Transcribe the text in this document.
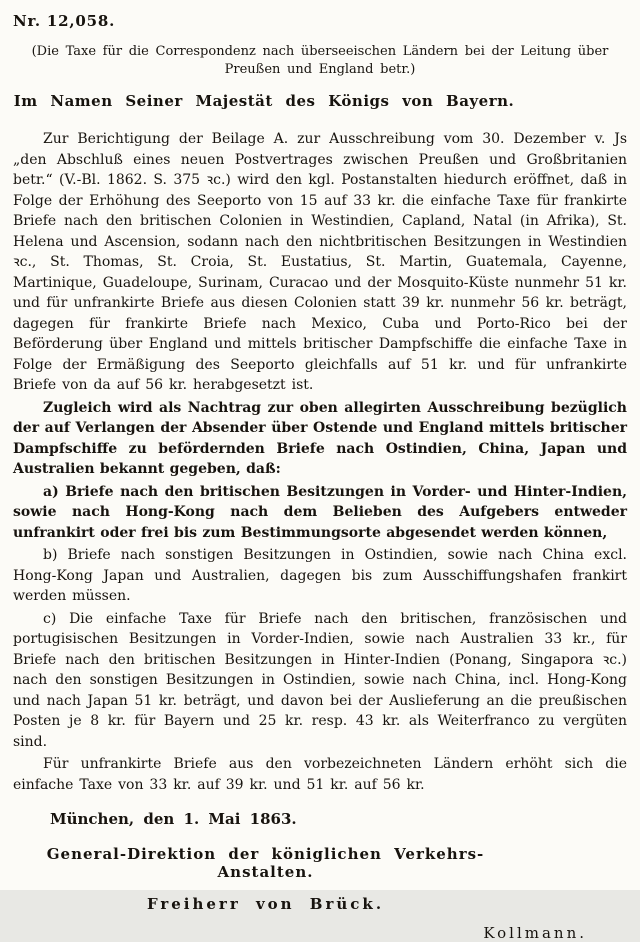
Nr. 12,058.
(Die Taxe für die Correspondenz nach überseeischen Ländern bei der Leitung über Preußen und England betr.)
Im Namen Seiner Majestät des Königs von Bayern.

Zur Berichtigung der Beilage A. zur Ausschreibung vom 30. Dezember v. Js „den Abschluß eines neuen Postvertrages zwischen Preußen und Großbritanien betr.“ (V.-Bl. 1862. S. 375 ꝛc.) wird den kgl. Postanstalten hiedurch eröffnet, daß in Folge der Erhöhung des Seeporto von 15 auf 33 kr. die einfache Taxe für frankirte Briefe nach den britischen Colonien in Westindien, Capland, Natal (in Afrika), St. Helena und Ascension, sodann nach den nichtbritischen Besitzungen in Westindien ꝛc., St. Thomas, St. Croia, St. Eustatius, St. Martin, Guatemala, Cayenne, Martinique, Guadeloupe, Surinam, Curacao und der Mosquito-Küste nunmehr 51 kr. und für unfrankirte Briefe aus diesen Colonien statt 39 kr. nunmehr 56 kr. beträgt, dagegen für frankirte Briefe nach Mexico, Cuba und Porto-Rico bei der Beförderung über England und mittels britischer Dampfschiffe die einfache Taxe in Folge der Ermäßigung des Seeporto gleichfalls auf 51 kr. und für unfrankirte Briefe von da auf 56 kr. herabgesetzt ist.

Zugleich wird als Nachtrag zur oben allegirten Ausschreibung bezüglich der auf Verlangen der Absender über Ostende und England mittels britischer Dampfschiffe zu befördernden Briefe nach Ostindien, China, Japan und Australien bekannt gegeben, daß:

a) Briefe nach den britischen Besitzungen in Vorder- und Hinter-Indien, sowie nach Hong-Kong nach dem Belieben des Aufgebers entweder unfrankirt oder frei bis zum Bestimmungsorte abgesendet werden können,

b) Briefe nach sonstigen Besitzungen in Ostindien, sowie nach China excl. Hong-Kong Japan und Australien, dagegen bis zum Ausschiffungshafen frankirt werden müssen.

c) Die einfache Taxe für Briefe nach den britischen, französischen und portugisischen Besitzungen in Vorder-Indien, sowie nach Australien 33 kr., für Briefe nach den britischen Besitzungen in Hinter-Indien (Ponang, Singapora ꝛc.) nach den sonstigen Besitzungen in Ostindien, sowie nach China, incl. Hong-Kong und nach Japan 51 kr. beträgt, und davon bei der Auslieferung an die preußischen Posten je 8 kr. für Bayern und 25 kr. resp. 43 kr. als Weiterfranco zu vergüten sind.

Für unfrankirte Briefe aus den vorbezeichneten Ländern erhöht sich die einfache Taxe von 33 kr. auf 39 kr. und 51 kr. auf 56 kr.

München, den 1. Mai 1863.
General-Direktion der königlichen Verkehrs-Anstalten.
Freiherr von Brück.
Kollmann.
